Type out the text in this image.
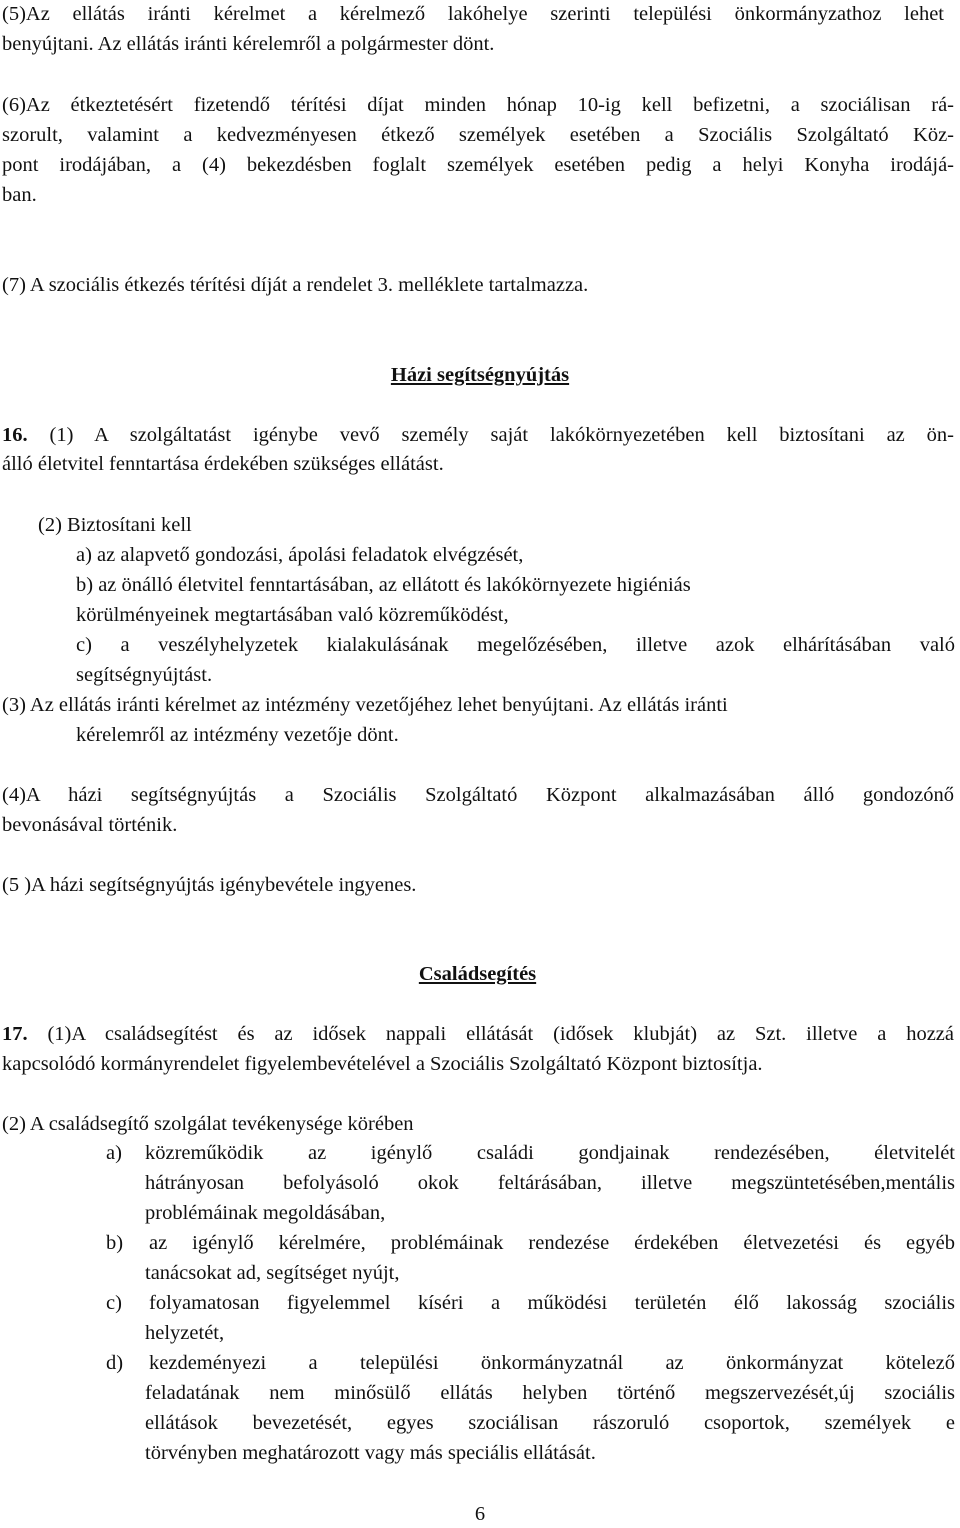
(5)Az ellátás iránti kérelmet a kérelmező lakóhelye szerinti települési önkormányzathoz lehet
benyújtani. Az ellátás iránti kérelemről a polgármester dönt.
(6)Az étkeztetésért fizetendő térítési díjat minden hónap 10-ig kell befizetni, a szociálisan rá-
szorult, valamint a kedvezményesen étkező személyek esetében a Szociális Szolgáltató Köz-
pont irodájában, a (4) bekezdésben foglalt személyek esetében pedig a helyi Konyha irodájá-
ban.
(7) A szociális étkezés térítési díját a rendelet 3. melléklete tartalmazza.
Házi segítségnyújtás
16. (1) A szolgáltatást igénybe vevő személy saját lakókörnyezetében kell biztosítani az ön-
álló életvitel fenntartása érdekében szükséges ellátást.
(2) Biztosítani kell
a) az alapvető gondozási, ápolási feladatok elvégzését,
b) az önálló életvitel fenntartásában, az ellátott és lakókörnyezete higiéniás
körülményeinek megtartásában való közreműködést,
c) a veszélyhelyzetek kialakulásának megelőzésében, illetve azok elhárításában való
segítségnyújtást.
(3) Az ellátás iránti kérelmet az intézmény vezetőjéhez lehet benyújtani. Az ellátás iránti
kérelemről az intézmény vezetője dönt.
(4)A házi segítségnyújtás a Szociális Szolgáltató Központ alkalmazásában álló gondozónő
bevonásával történik.
(5 )A házi segítségnyújtás igénybevétele ingyenes.
Családsegítés
17. (1)A családsegítést és az idősek nappali ellátását (idősek klubját) az Szt. illetve a hozzá
kapcsolódó kormányrendelet figyelembevételével a Szociális Szolgáltató Központ biztosítja.
(2) A családsegítő szolgálat tevékenysége körében
a) közreműködik az igénylő családi gondjainak rendezésében, életvitelét
hátrányosan befolyásoló okok feltárásában, illetve megszüntetésében,mentális
problémáinak megoldásában,
b) az igénylő kérelmére, problémáinak rendezése érdekében életvezetési és egyéb
tanácsokat ad, segítséget nyújt,
c) folyamatosan figyelemmel kíséri a működési területén élő lakosság szociális
helyzetét,
d) kezdeményezi a települési önkormányzatnál az önkormányzat kötelező
feladatának nem minősülő ellátás helyben történő megszervezését,új szociális
ellátások bevezetését, egyes szociálisan rászoruló csoportok, személyek e
törvényben meghatározott vagy más speciális ellátását.
6
